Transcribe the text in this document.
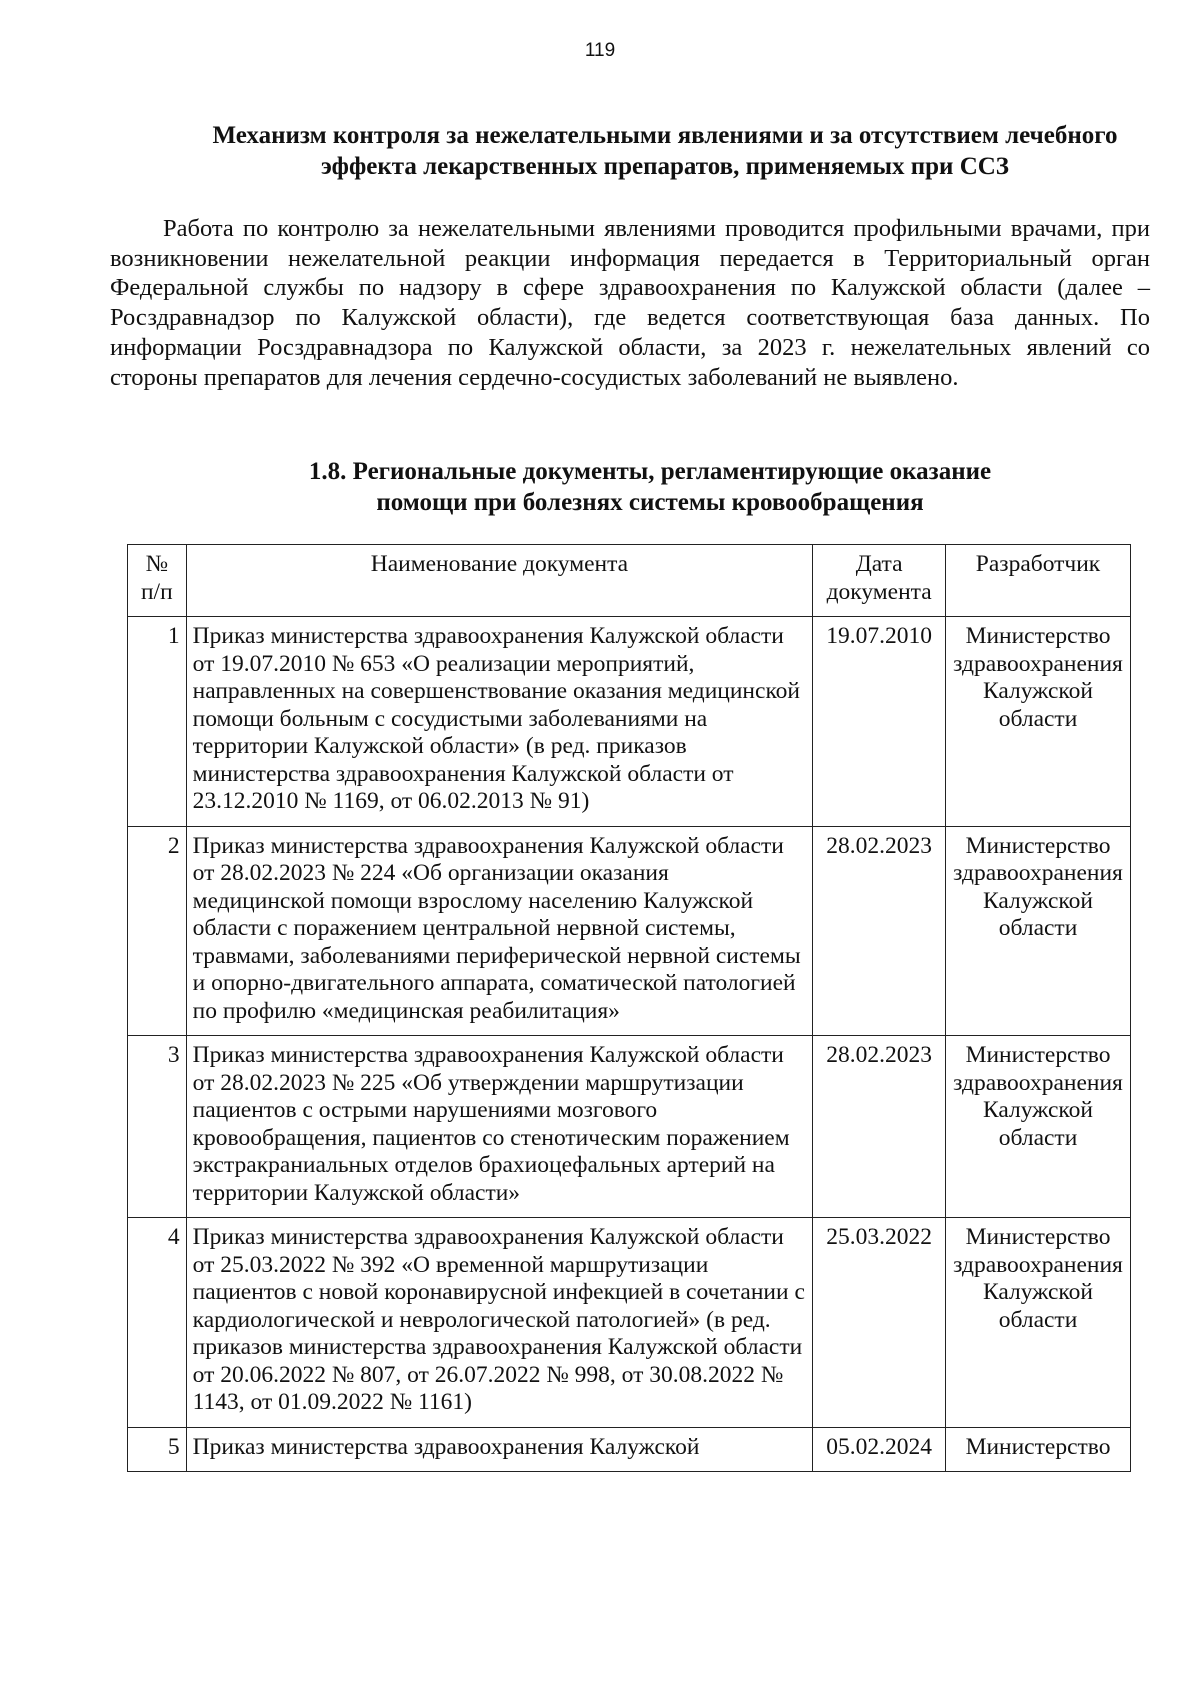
119
Механизм контроля за нежелательными явлениями и за отсутствием лечебного
эффекта лекарственных препаратов, применяемых при ССЗ

Работа по контролю за нежелательными явлениями проводится профильными врачами, при возникновении нежелательной реакции информация передается в Территориальный орган Федеральной службы по надзору в сфере здравоохранения по Калужской области (далее – Росздравнадзор по Калужской области), где ведется соответствующая база данных. По информации Росздравнадзора по Калужской области, за 2023 г. нежелательных явлений со стороны препаратов для лечения сердечно-сосудистых заболеваний не выявлено.

1.8. Региональные документы, регламентирующие оказание
помощи при болезнях системы кровообращения
№ п/п	Наименование документа	Дата документа	Разработчик
1	Приказ министерства здравоохранения Калужской области от 19.07.2010 № 653 «О реализации мероприятий, направленных на совершенствование оказания медицинской помощи больным с сосудистыми заболеваниями на территории Калужской области» (в ред. приказов министерства здравоохранения Калужской области от 23.12.2010 № 1169, от 06.02.2013 № 91)	19.07.2010	Министерство здравоохранения Калужской области
2	Приказ министерства здравоохранения Калужской области от 28.02.2023 № 224 «Об организации оказания медицинской помощи взрослому населению Калужской области с поражением центральной нервной системы, травмами, заболеваниями периферической нервной системы и опорно-двигательного аппарата, соматической патологией по профилю «медицинская реабилитация»	28.02.2023	Министерство здравоохранения Калужской области
3	Приказ министерства здравоохранения Калужской области от 28.02.2023 № 225 «Об утверждении маршрутизации пациентов с острыми нарушениями мозгового кровообращения, пациентов со стенотическим поражением экстракраниальных отделов брахиоцефальных артерий на территории Калужской области»	28.02.2023	Министерство здравоохранения Калужской области
4	Приказ министерства здравоохранения Калужской области от 25.03.2022 № 392 «О временной маршрутизации пациентов с новой коронавирусной инфекцией в сочетании с кардиологической и неврологической патологией» (в ред. приказов министерства здравоохранения Калужской области от 20.06.2022 № 807, от 26.07.2022 № 998, от 30.08.2022 № 1143, от 01.09.2022 № 1161)	25.03.2022	Министерство здравоохранения Калужской области
5	Приказ министерства здравоохранения Калужской	05.02.2024	Министерство
